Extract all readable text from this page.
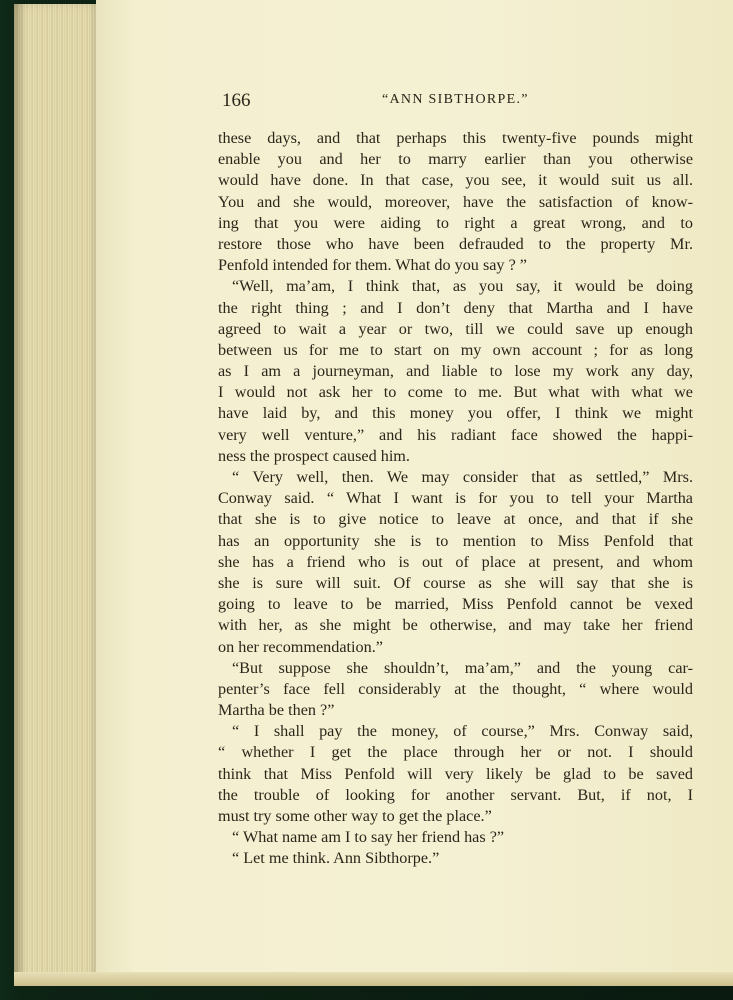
166	“ANN SIBTHORPE.”
these days, and that perhaps this twenty-five pounds might
enable you and her to marry earlier than you otherwise
would have done. In that case, you see, it would suit us all.
You and she would, moreover, have the satisfaction of know-
ing that you were aiding to right a great wrong, and to
restore those who have been defrauded to the property Mr.
Penfold intended for them. What do you say ? ”
“Well, ma’am, I think that, as you say, it would be doing
the right thing ; and I don’t deny that Martha and I have
agreed to wait a year or two, till we could save up enough
between us for me to start on my own account ; for as long
as I am a journeyman, and liable to lose my work any day,
I would not ask her to come to me. But what with what we
have laid by, and this money you offer, I think we might
very well venture,” and his radiant face showed the happi-
ness the prospect caused him.
“ Very well, then. We may consider that as settled,” Mrs.
Conway said. “ What I want is for you to tell your Martha
that she is to give notice to leave at once, and that if she
has an opportunity she is to mention to Miss Penfold that
she has a friend who is out of place at present, and whom
she is sure will suit. Of course as she will say that she is
going to leave to be married, Miss Penfold cannot be vexed
with her, as she might be otherwise, and may take her friend
on her recommendation.”
“But suppose she shouldn’t, ma’am,” and the young car-
penter’s face fell considerably at the thought, “ where would
Martha be then ?”
“ I shall pay the money, of course,” Mrs. Conway said,
“ whether I get the place through her or not. I should
think that Miss Penfold will very likely be glad to be saved
the trouble of looking for another servant. But, if not, I
must try some other way to get the place.”
“ What name am I to say her friend has ?”
“ Let me think. Ann Sibthorpe.”
